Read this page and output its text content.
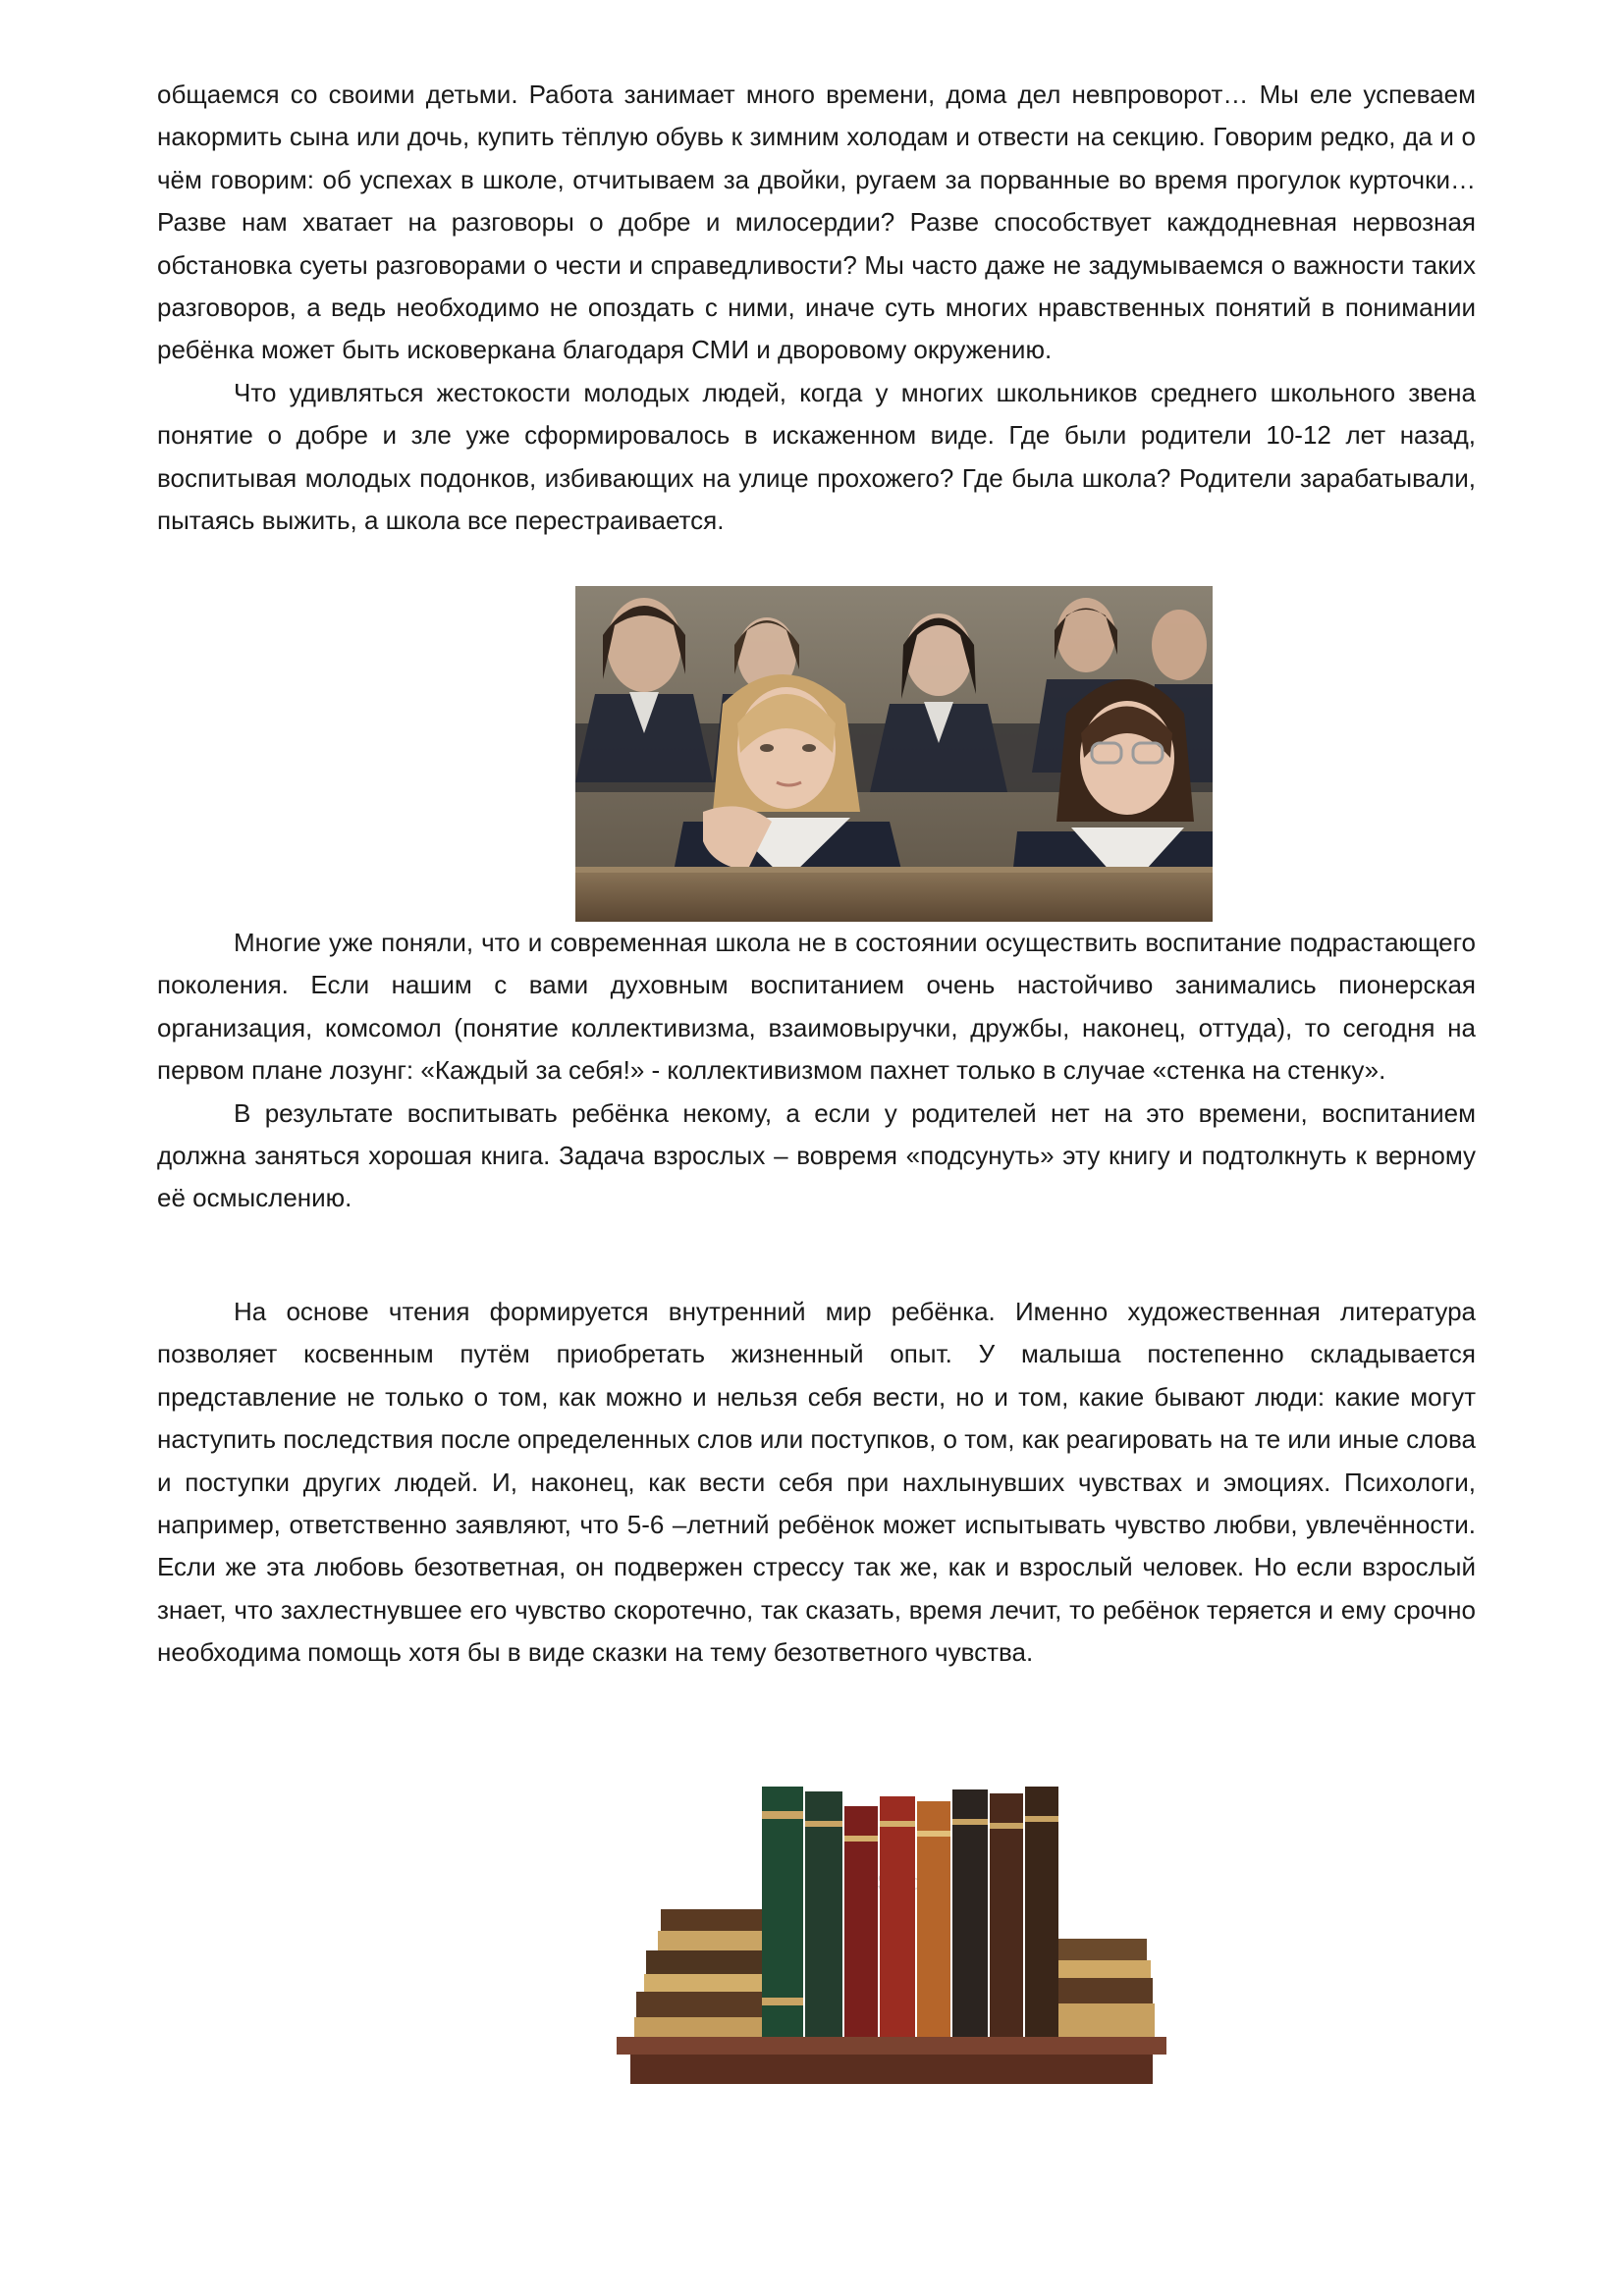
общаемся со своими детьми. Работа занимает много времени, дома дел невпроворот… Мы еле успеваем накормить сына или дочь, купить тёплую обувь к зимним холодам и отвести на секцию. Говорим редко, да и о чём говорим: об успехах в школе, отчитываем за двойки, ругаем за порванные во время прогулок курточки… Разве нам хватает на разговоры о добре и милосердии? Разве способствует каждодневная нервозная обстановка суеты разговорами о чести и справедливости? Мы часто даже не задумываемся о важности таких разговоров, а ведь необходимо не опоздать с ними, иначе суть многих нравственных понятий в понимании ребёнка может быть исковеркана благодаря СМИ и дворовому окружению.

Что удивляться жестокости молодых людей, когда у многих школьников среднего школьного звена понятие о добре и зле уже сформировалось в искаженном виде. Где были родители 10-12 лет назад, воспитывая молодых подонков, избивающих на улице прохожего? Где была школа? Родители зарабатывали, пытаясь выжить, а школа все перестраивается.

Многие уже поняли, что и современная школа не в состоянии осуществить воспитание подрастающего поколения. Если нашим с вами духовным воспитанием очень настойчиво занимались пионерская организация, комсомол (понятие коллективизма, взаимовыручки, дружбы, наконец, оттуда), то сегодня на первом плане лозунг: «Каждый за себя!» - коллективизмом пахнет только в случае «стенка на стенку».

В результате воспитывать ребёнка некому, а если у родителей нет на это времени, воспитанием должна заняться хорошая книга. Задача взрослых – вовремя «подсунуть» эту книгу и подтолкнуть к верному её осмыслению.

На основе чтения формируется внутренний мир ребёнка. Именно художественная литература позволяет косвенным путём приобретать жизненный опыт. У малыша постепенно складывается представление не только о том, как можно и нельзя себя вести, но и том, какие бывают люди: какие могут наступить последствия после определенных слов или поступков, о том, как реагировать на те или иные слова и поступки других людей. И, наконец, как вести себя при нахлынувших чувствах и эмоциях. Психологи, например, ответственно заявляют, что 5-6 –летний ребёнок может испытывать чувство любви, увлечённости. Если же эта любовь безответная, он подвержен стрессу так же, как и взрослый человек. Но если взрослый знает, что захлестнувшее его чувство скоротечно, так сказать, время лечит, то ребёнок теряется и ему срочно необходима помощь хотя бы в виде сказки на тему безответного чувства.
